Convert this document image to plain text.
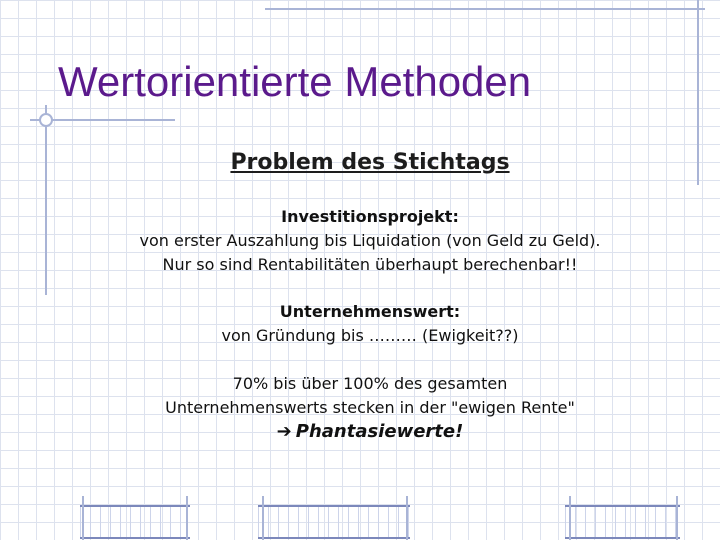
Wertorientierte Methoden
Problem des Stichtags
Investitionsprojekt:
von erster Auszahlung bis Liquidation (von Geld zu Geld).
Nur so sind Rentabilitäten überhaupt berechenbar!!
Unternehmenswert:
von Gründung bis ……… (Ewigkeit??)
70% bis über 100% des gesamten
Unternehmenswerts stecken in der "ewigen Rente"
➔ Phantasiewerte!
